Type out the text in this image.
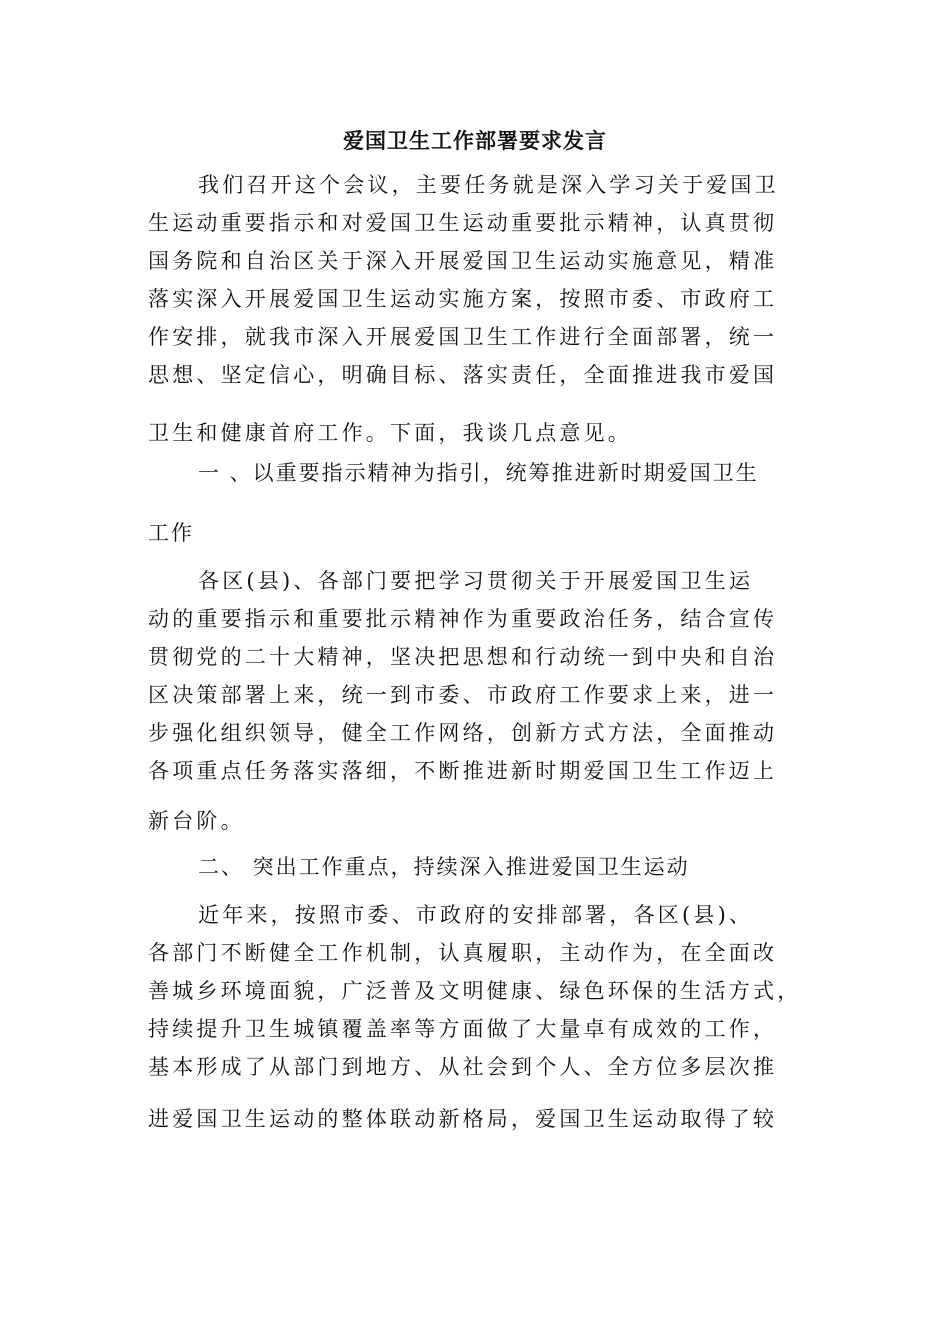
爱国卫生工作部署要求发言
我们召开这个会议，主要任务就是深入学习关于爱国卫
生运动重要指示和对爱国卫生运动重要批示精神，认真贯彻
国务院和自治区关于深入开展爱国卫生运动实施意见，精准
落实深入开展爱国卫生运动实施方案，按照市委、市政府工
作安排，就我市深入开展爱国卫生工作进行全面部署，统一
思想、坚定信心，明确目标、落实责任，全面推进我市爱国
卫生和健康首府工作。下面，我谈几点意见。
一 、以重要指示精神为指引，统筹推进新时期爱国卫生
工作
各区(县)、各部门要把学习贯彻关于开展爱国卫生运
动的重要指示和重要批示精神作为重要政治任务，结合宣传
贯彻党的二十大精神，坚决把思想和行动统一到中央和自治
区决策部署上来，统一到市委、市政府工作要求上来，进一
步强化组织领导，健全工作网络，创新方式方法，全面推动
各项重点任务落实落细，不断推进新时期爱国卫生工作迈上
新台阶。
二、 突出工作重点，持续深入推进爱国卫生运动
近年来，按照市委、市政府的安排部署，各区(县)、
各部门不断健全工作机制，认真履职，主动作为，在全面改
善城乡环境面貌，广泛普及文明健康、绿色环保的生活方式，
持续提升卫生城镇覆盖率等方面做了大量卓有成效的工作，
基本形成了从部门到地方、从社会到个人、全方位多层次推
进爱国卫生运动的整体联动新格局，爱国卫生运动取得了较
